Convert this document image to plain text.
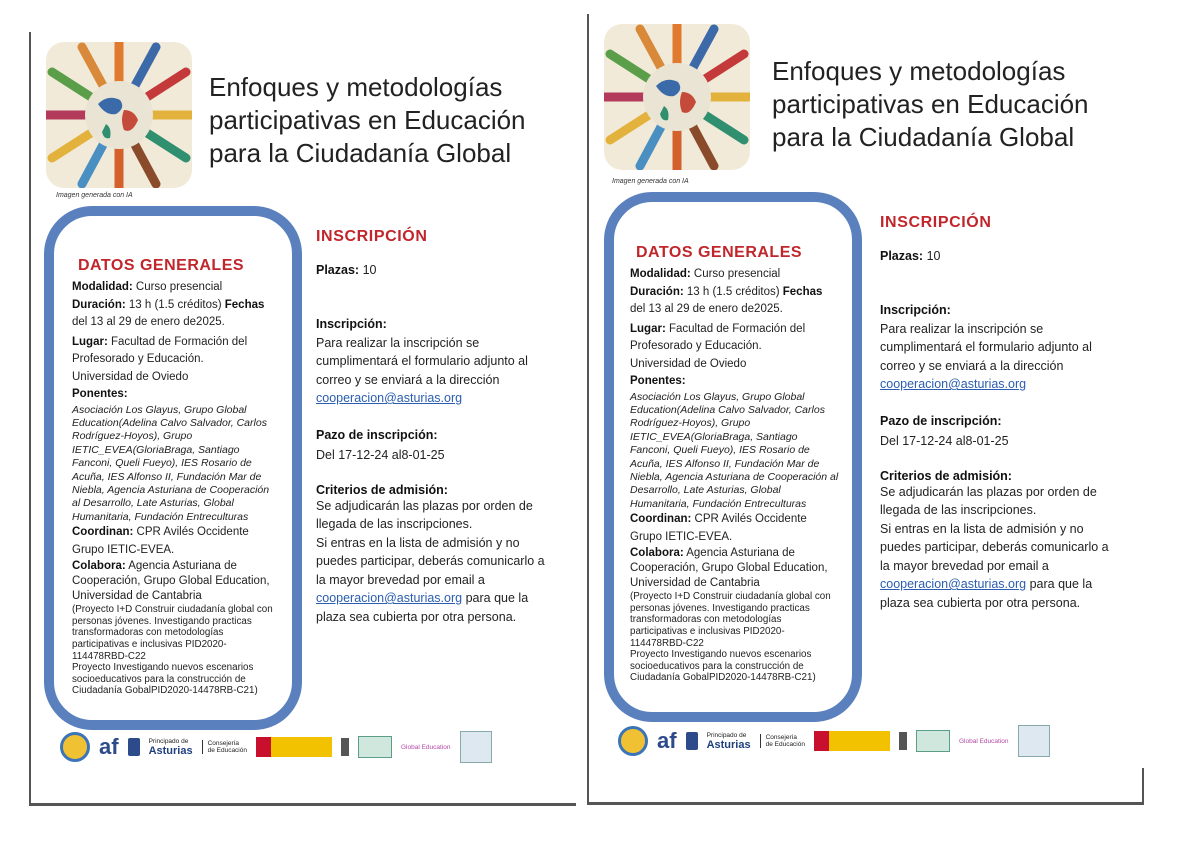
Enfoques y metodologías
participativas en Educación
para la Ciudadanía Global
Imagen generada con IA
DATOS GENERALES
Modalidad: Curso presencial
Duración: 13 h (1.5 créditos) Fechas del 13 al 29 de enero de2025.
Lugar: Facultad de Formación del Profesorado y Educación.
Universidad de Oviedo
Ponentes:
Asociación Los Glayus, Grupo Global Education(Adelina Calvo Salvador, Carlos Rodríguez-Hoyos), Grupo IETIC_EVEA(GloriaBraga, Santiago Fanconi, Queli Fueyo), IES Rosario de Acuña, IES Alfonso II, Fundación Mar de Niebla, Agencia Asturiana de Cooperación al Desarrollo, Late Asturias, Global Humanitaria, Fundación Entreculturas
Coordinan: CPR Avilés Occidente Grupo IETIC-EVEA.
Colabora: Agencia Asturiana de Cooperación, Grupo Global Education, Universidad de Cantabria
(Proyecto I+D Construir ciudadanía global con personas jóvenes. Investigando practicas transformadoras con metodologías participativas e inclusivas PID2020-114478RBD-C22
Proyecto Investigando nuevos escenarios socioeducativos para la construcción de Ciudadanía GobalPID2020-14478RB-C21)
INSCRIPCIÓN
Plazas: 10
Inscripción:
Para realizar la inscripción se cumplimentará el formulario adjunto al correo y se enviará a la dirección cooperacion@asturias.org
Pazo de inscripción:
Del 17-12-24 al8-01-25
Criterios de admisión:
Se adjudicarán las plazas por orden de llegada de las inscripciones.
Si entras en la lista de admisión y no puedes participar, deberás comunicarlo a la mayor brevedad por email a cooperacion@asturias.org para que la plaza sea cubierta por otra persona.
af	Principado de
Asturias
Consejería
de Educación	Global Education
Enfoques y metodologías
participativas en Educación
para la Ciudadanía Global
Imagen generada con IA
DATOS GENERALES
Modalidad: Curso presencial
Duración: 13 h (1.5 créditos) Fechas del 13 al 29 de enero de2025.
Lugar: Facultad de Formación del Profesorado y Educación.
Universidad de Oviedo
Ponentes:
Asociación Los Glayus, Grupo Global Education(Adelina Calvo Salvador, Carlos Rodríguez-Hoyos), Grupo IETIC_EVEA(GloriaBraga, Santiago Fanconi, Queli Fueyo), IES Rosario de Acuña, IES Alfonso II, Fundación Mar de Niebla, Agencia Asturiana de Cooperación al Desarrollo, Late Asturias, Global Humanitaria, Fundación Entreculturas
Coordinan: CPR Avilés Occidente Grupo IETIC-EVEA.
Colabora: Agencia Asturiana de Cooperación, Grupo Global Education, Universidad de Cantabria
(Proyecto I+D Construir ciudadanía global con personas jóvenes. Investigando practicas transformadoras con metodologías participativas e inclusivas PID2020-114478RBD-C22
Proyecto Investigando nuevos escenarios socioeducativos para la construcción de Ciudadanía GobalPID2020-14478RB-C21)
INSCRIPCIÓN
Plazas: 10
Inscripción:
Para realizar la inscripción se cumplimentará el formulario adjunto al correo y se enviará a la dirección cooperacion@asturias.org
Pazo de inscripción:
Del 17-12-24 al8-01-25
Criterios de admisión:
Se adjudicarán las plazas por orden de llegada de las inscripciones.
Si entras en la lista de admisión y no puedes participar, deberás comunicarlo a la mayor brevedad por email a cooperacion@asturias.org para que la plaza sea cubierta por otra persona.
af	Principado de
Asturias
Consejería
de Educación	Global Education
